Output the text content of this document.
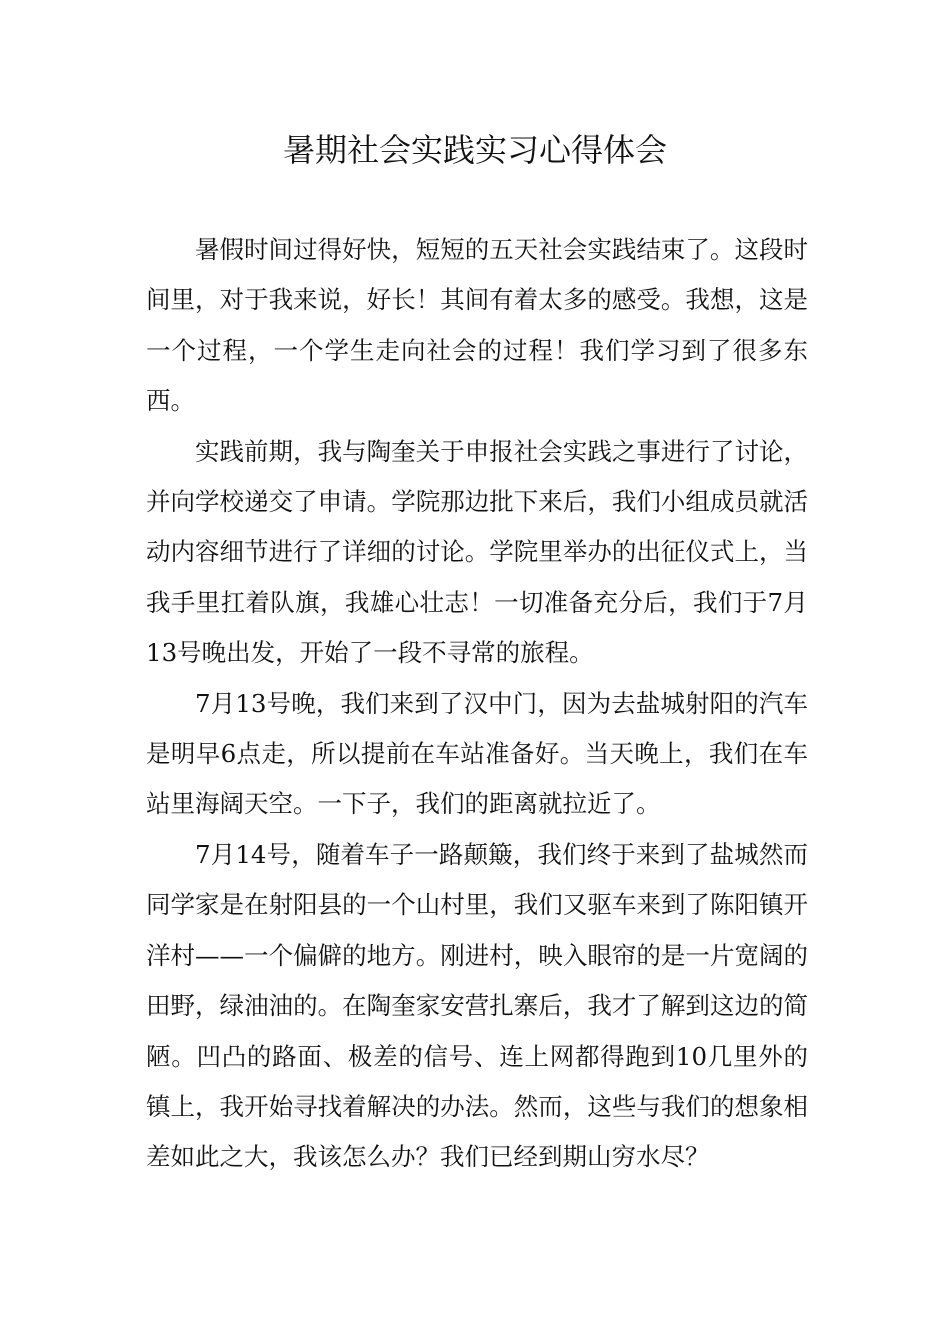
暑期社会实践实习心得体会

暑假时间过得好快，短短的五天社会实践结束了。这段时间里，对于我来说，好长！其间有着太多的感受。我想，这是一个过程，一个学生走向社会的过程！我们学习到了很多东西。

实践前期，我与陶奎关于申报社会实践之事进行了讨论，并向学校递交了申请。学院那边批下来后，我们小组成员就活动内容细节进行了详细的讨论。学院里举办的出征仪式上，当我手里扛着队旗，我雄心壮志！一切准备充分后，我们于7月13号晚出发，开始了一段不寻常的旅程。

7月13号晚，我们来到了汉中门，因为去盐城射阳的汽车是明早6点走，所以提前在车站准备好。当天晚上，我们在车站里海阔天空。一下子，我们的距离就拉近了。

7月14号，随着车子一路颠簸，我们终于来到了盐城然而同学家是在射阳县的一个山村里，我们又驱车来到了陈阳镇开洋村——一个偏僻的地方。刚进村，映入眼帘的是一片宽阔的田野，绿油油的。在陶奎家安营扎寨后，我才了解到这边的简陋。凹凸的路面、极差的信号、连上网都得跑到10几里外的镇上，我开始寻找着解决的办法。然而，这些与我们的想象相差如此之大，我该怎么办？我们已经到期山穷水尽？
